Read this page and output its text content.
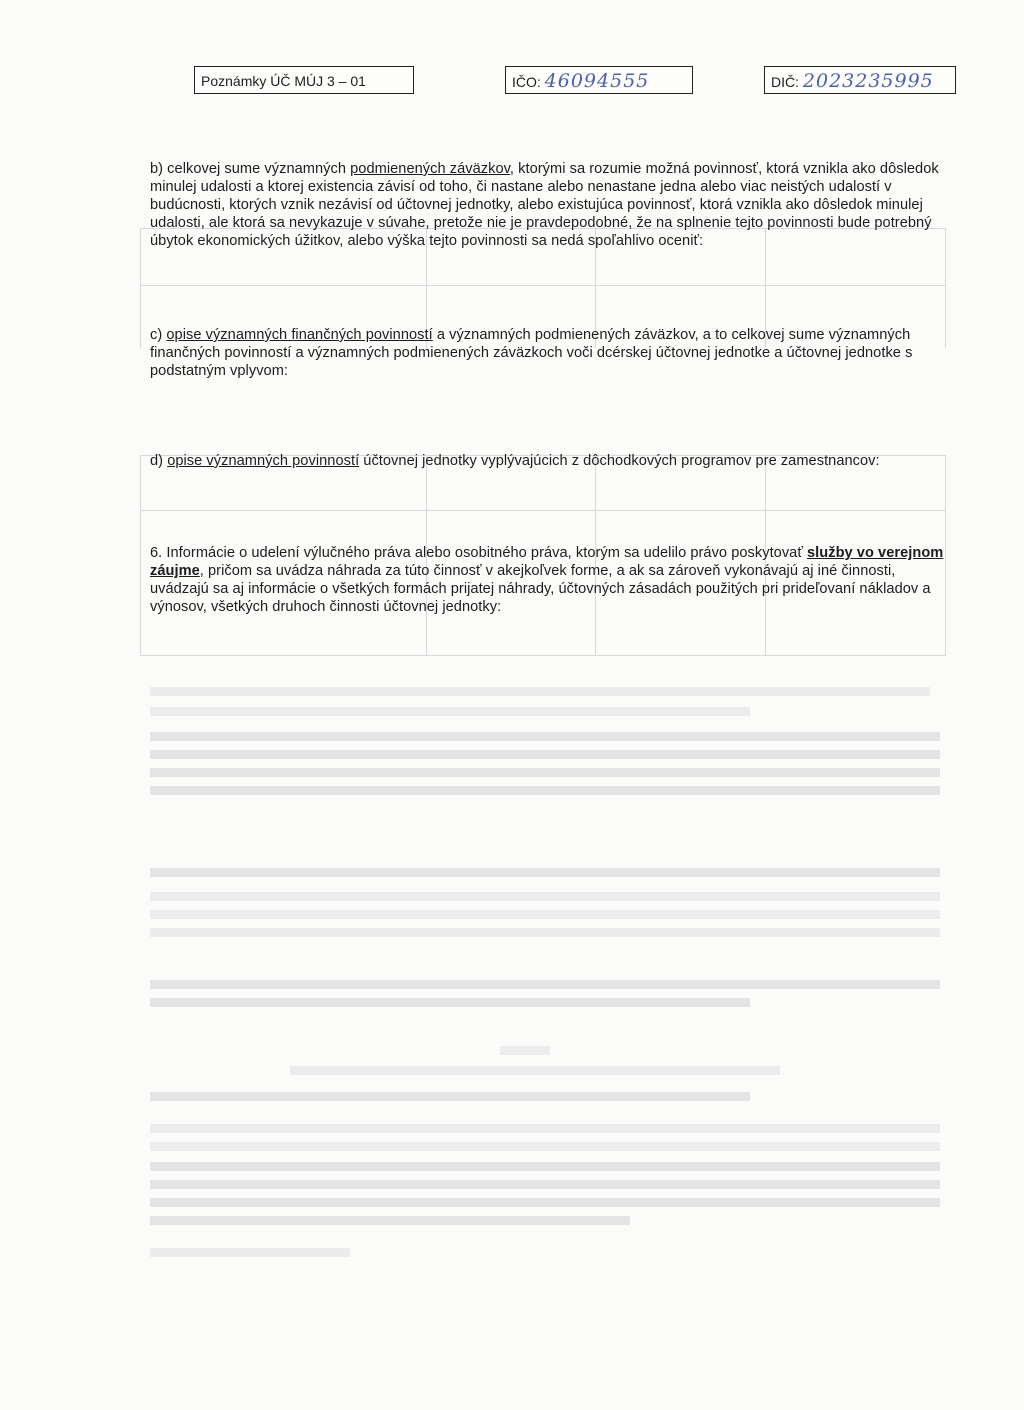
Poznámky ÚČ MÚJ 3 – 01	IČO: 46094555	DIČ: 2023235995

b) celkovej sume významných podmienených záväzkov, ktorými sa rozumie možná povinnosť, ktorá vznikla ako dôsledok minulej udalosti a ktorej existencia závisí od toho, či nastane alebo nenastane jedna alebo viac neistých udalostí v budúcnosti, ktorých vznik nezávisí od účtovnej jednotky, alebo existujúca povinnosť, ktorá vznikla ako dôsledok minulej udalosti, ale ktorá sa nevykazuje v súvahe, pretože nie je pravdepodobné, že na splnenie tejto povinnosti bude potrebný úbytok ekonomických úžitkov, alebo výška tejto povinnosti sa nedá spoľahlivo oceniť:

c) opise významných finančných povinností a významných podmienených záväzkov, a to celkovej sume významných finančných povinností a významných podmienených záväzkoch voči dcérskej účtovnej jednotke a účtovnej jednotke s podstatným vplyvom:

d) opise významných povinností účtovnej jednotky vyplývajúcich z dôchodkových programov pre zamestnancov:

6. Informácie o udelení výlučného práva alebo osobitného práva, ktorým sa udelilo právo poskytovať služby vo verejnom záujme, pričom sa uvádza náhrada za túto činnosť v akejkoľvek forme, a ak sa zároveň vykonávajú aj iné činnosti, uvádzajú sa aj informácie o všetkých formách prijatej náhrady, účtovných zásadách použitých pri prideľovaní nákladov a výnosov, všetkých druhoch činnosti účtovnej jednotky:
